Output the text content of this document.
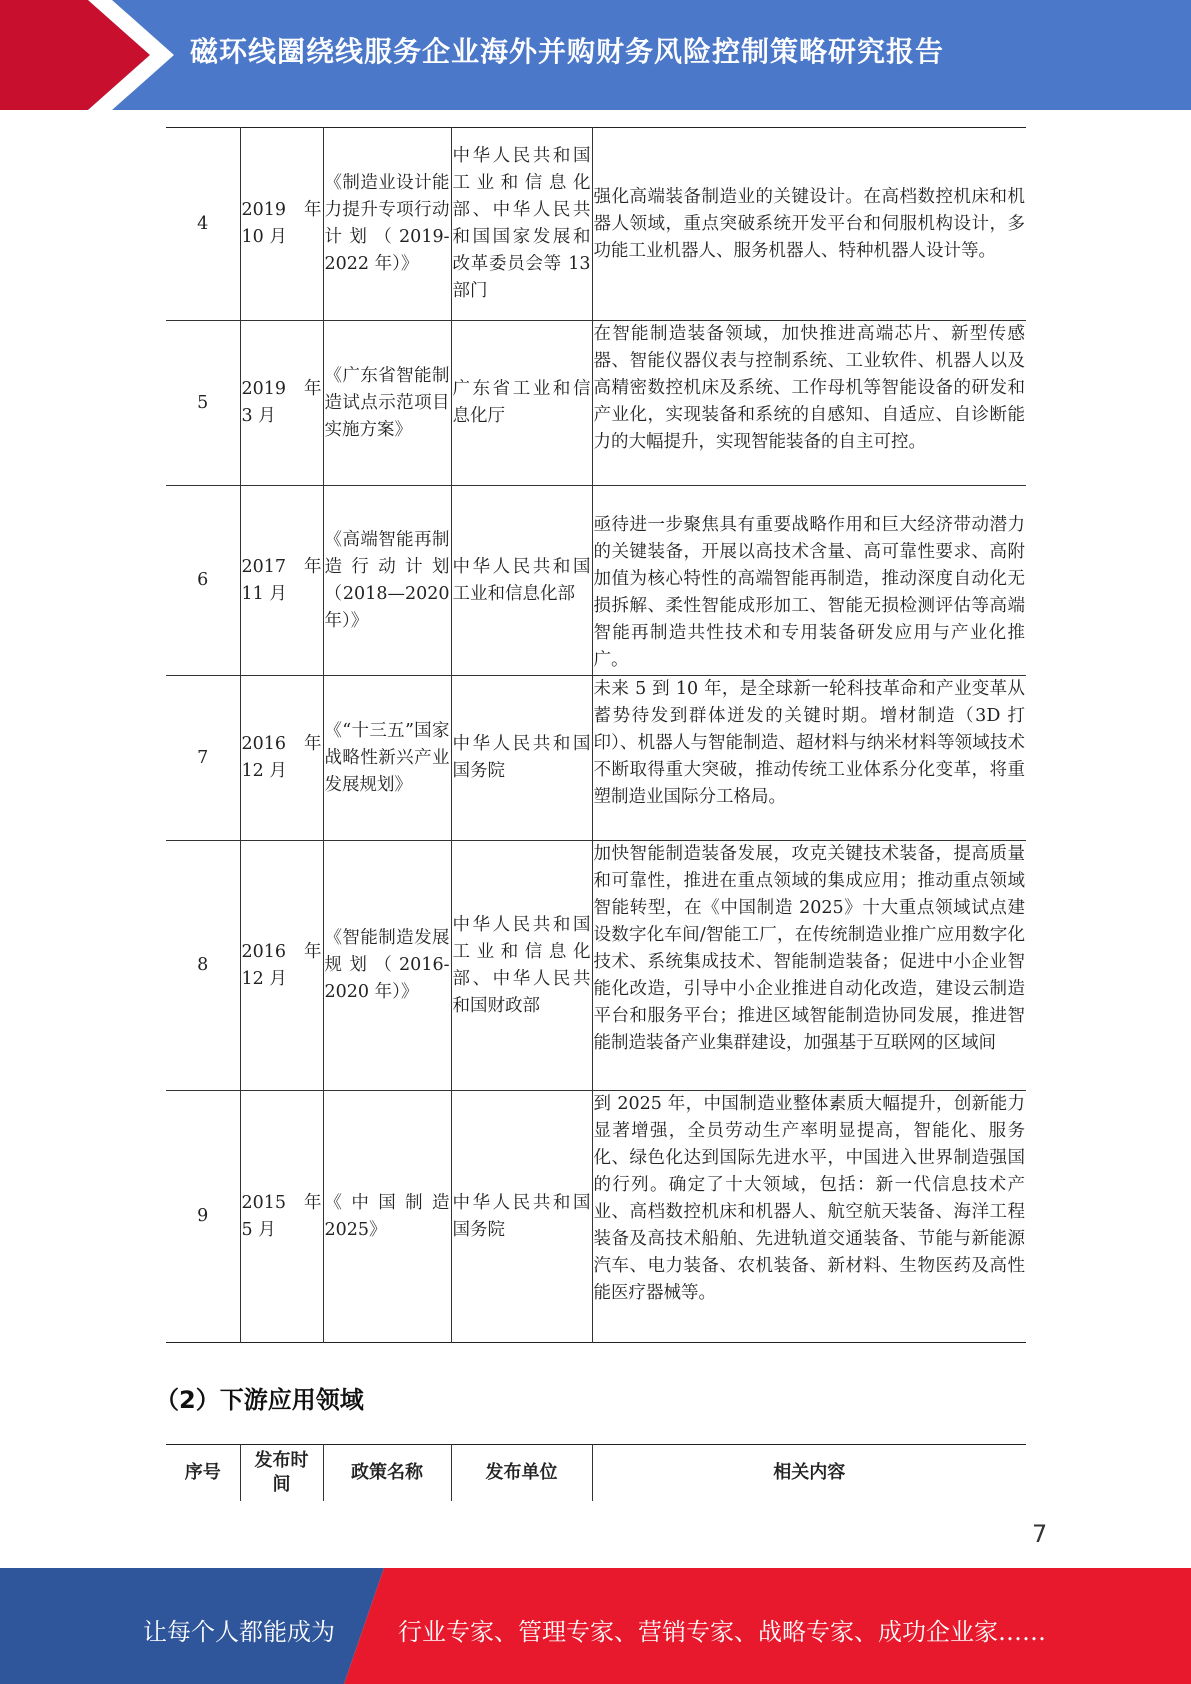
磁环线圈绕线服务企业海外并购财务风险控制策略研究报告
4	2019 年 10 月	《制造业设计能力提升专项行动计划（2019-2022 年）》	中华人民共和国工业和信息化部、中华人民共和国国家发展和改革委员会等 13 部门	强化高端装备制造业的关键设计。在高档数控机床和机器人领域，重点突破系统开发平台和伺服机构设计，多功能工业机器人、服务机器人、特种机器人设计等。
5	2019 年 3 月	《广东省智能制造试点示范项目实施方案》	广东省工业和信息化厅	在智能制造装备领域，加快推进高端芯片、新型传感器、智能仪器仪表与控制系统、工业软件、机器人以及高精密数控机床及系统、工作母机等智能设备的研发和产业化，实现装备和系统的自感知、自适应、自诊断能力的大幅提升，实现智能装备的自主可控。
6	2017 年 11 月	《高端智能再制造行动计划（2018—2020 年）》	中华人民共和国工业和信息化部	亟待进一步聚焦具有重要战略作用和巨大经济带动潜力的关键装备，开展以高技术含量、高可靠性要求、高附加值为核心特性的高端智能再制造，推动深度自动化无损拆解、柔性智能成形加工、智能无损检测评估等高端智能再制造共性技术和专用装备研发应用与产业化推广。
7	2016 年 12 月	《“十三五”国家战略性新兴产业发展规划》	中华人民共和国国务院	未来 5 到 10 年，是全球新一轮科技革命和产业变革从蓄势待发到群体迸发的关键时期。增材制造（3D 打印）、机器人与智能制造、超材料与纳米材料等领域技术不断取得重大突破，推动传统工业体系分化变革，将重塑制造业国际分工格局。
8	2016 年 12 月	《智能制造发展规划（2016-2020 年）》	中华人民共和国工业和信息化部、中华人民共和国财政部	加快智能制造装备发展，攻克关键技术装备，提高质量和可靠性，推进在重点领域的集成应用；推动重点领域智能转型，在《中国制造 2025》十大重点领域试点建设数字化车间/智能工厂，在传统制造业推广应用数字化技术、系统集成技术、智能制造装备；促进中小企业智能化改造，引导中小企业推进自动化改造，建设云制造平台和服务平台；推进区域智能制造协同发展，推进智能制造装备产业集群建设，加强基于互联网的区域间
9	2015 年 5 月	《中国制造 2025》	中华人民共和国国务院	到 2025 年，中国制造业整体素质大幅提升，创新能力显著增强，全员劳动生产率明显提高，智能化、服务化、绿色化达到国际先进水平，中国进入世界制造强国的行列。确定了十大领域，包括：新一代信息技术产业、高档数控机床和机器人、航空航天装备、海洋工程装备及高技术船舶、先进轨道交通装备、节能与新能源汽车、电力装备、农机装备、新材料、生物医药及高性能医疗器械等。
（2）下游应用领域
序号	发布时间	政策名称	发布单位	相关内容
7
让每个人都能成为	行业专家、管理专家、营销专家、战略专家、成功企业家……
